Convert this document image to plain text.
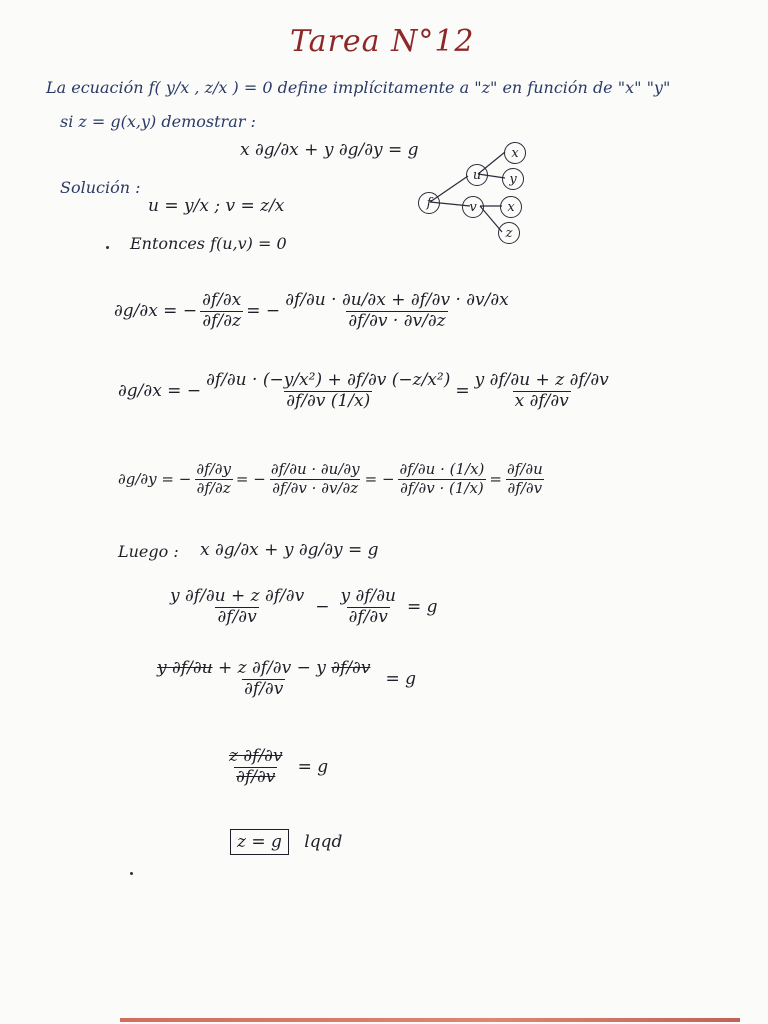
Tarea N°12
La ecuación f( y/x , z/x ) = 0 define implícitamente a "z" en función de "x" "y"
si z = g(x,y) demostrar :
x ∂g/∂x + y ∂g/∂y = g
Solución :
u = y/x ; v = z/x
Entonces f(u,v) = 0
f
u
v
x
y
x
z
∂g/∂x = − $\frac{\partial f/\partial x}{\partial f/\partial z}$ = − $\frac{\partial f/\partial u \cdot \partial u/\partial x + \partial f/\partial v \cdot \partial v/\partial x}{\partial f/\partial v \cdot \partial v/\partial z}$
∂g/∂x = − $\frac{\text{∂f/∂u · (−y/x²) + ∂f/∂v (−z/x²)}}{\partial f/\partial v (1/x)} = \frac{y \partial f/\partial u + z \partial f/\partial v}{x \partial f/\partial v}$
∂g/∂y = − $\frac{\partial f/\partial y}{\partial f/\partial z}$ = − $\frac{\partial f/\partial u \cdot \partial u/\partial y}{\partial f/\partial v \cdot \partial v/\partial z}$ = − $\frac{\partial f/\partial u \cdot (1/x)}{\partial f/\partial v \cdot (1/x)} = \frac{\partial f/\partial u}{\partial f/\partial v}$
Luego : x ∂g/∂x + y ∂g/∂y = g
$\frac{y \partial f/\partial u + z \partial f/\partial v}{\partial f/\partial v} - \frac{y \partial f/\partial u}{\partial f/\partial v} = g$
$\frac{y \partial f/\partial u + z \partial f/\partial v - y \partial f/\partial v}{\partial f/\partial v} = g$
$\frac{z \partial f/\partial v}{\partial f/\partial v} = g$
z = g lqqd
